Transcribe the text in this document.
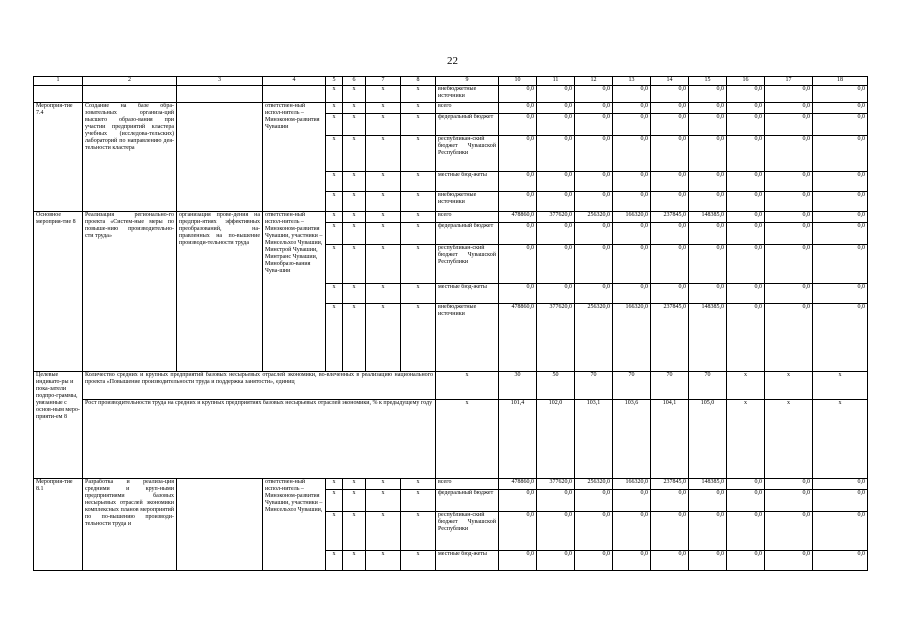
22
1	2	3	4	5	6	7	8	9	10	11	12	13	14	15	16	17	18
				x	x	x	x	внебюджетные источники	0,0	0,0	0,0	0,0	0,0	0,0	0,0	0,0	0,0
Мероприя-тие 7.4	Создание на базе обра-зовательных организа-ций высшего образо-вания при участии предприятий кластера учебных (исследова-тельских) лабораторий по направлению дея-тельности кластера		ответствен-ный испол-нитель – Минэконом-развития Чувашии	x	x	x	x	всего	0,0	0,0	0,0	0,0	0,0	0,0	0,0	0,0	0,0
				x	x	x	x	федеральный бюджет	0,0	0,0	0,0	0,0	0,0	0,0	0,0	0,0	0,0
				x	x	x	x	республикан-ский бюджет Чувашской Республики	0,0	0,0	0,0	0,0	0,0	0,0	0,0	0,0	0,0
				x	x	x	x	местные бюд-жеты	0,0	0,0	0,0	0,0	0,0	0,0	0,0	0,0	0,0
				x	x	x	x	внебюджетные источники	0,0	0,0	0,0	0,0	0,0	0,0	0,0	0,0	0,0
Основное мероприя-тие 8	Реализация регионально-го проекта «Систем-ные меры по повыше-нию производительно-сти труда»	организация прове-дения на предпри-ятиях эффективных преобразований, на-правленных на по-вышение производи-тельности труда	ответствен-ный испол-нитель – Минэконом-развития Чувашии, участники – Минсельхоз Чувашии, Минстрой Чувашии, Минтранс Чувашии, Минобразо-вания Чува-шии	x	x	x	x	всего	478860,0	377620,0	256320,0	166320,0	237845,0	148385,0	0,0	0,0	0,0
				x	x	x	x	федеральный бюджет	0,0	0,0	0,0	0,0	0,0	0,0	0,0	0,0	0,0
				x	x	x	x	республикан-ский бюджет Чувашской Республики	0,0	0,0	0,0	0,0	0,0	0,0	0,0	0,0	0,0
				x	x	x	x	местные бюд-жеты	0,0	0,0	0,0	0,0	0,0	0,0	0,0	0,0	0,0
				x	x	x	x	внебюджетные источники	478860,0	377620,0	256320,0	166320,0	237845,0	148385,0	0,0	0,0	0,0
Целевые индикато-ры и пока-затели подпро-граммы, увязанные с основ-ным меро-прияти-ем 8	Количество средних и крупных предприятий базовых несырьевых отраслей экономики, во-влеченных в реализацию национального проекта «Повышение производительности труда и поддержка занятости», единиц							x	30	50	70	70	70	70	x	x	x
	Рост производительности труда на средних и крупных предприятиях базовых несырьевых отраслей экономики, % к предыдущему году							x	101,4	102,0	103,1	103,6	104,1	105,0	x	x	x
Мероприя-тие 8.1	Разработка и реализа-ция средними и круп-ными предприятиями базовых несырьевых отраслей экономики комплексных планов мероприятий по по-вышению производи-тельности труда и		ответствен-ный испол-нитель – Минэконом-развития Чувашии, участники – Минсельхоз Чувашии,	x	x	x	x	всего	478860,0	377620,0	256320,0	166320,0	237845,0	148385,0	0,0	0,0	0,0
				x	x	x	x	федеральный бюджет	0,0	0,0	0,0	0,0	0,0	0,0	0,0	0,0	0,0
				x	x	x	x	республикан-ский бюджет Чувашской Республики	0,0	0,0	0,0	0,0	0,0	0,0	0,0	0,0	0,0
				x	x	x	x	местные бюд-жеты	0,0	0,0	0,0	0,0	0,0	0,0	0,0	0,0	0,0
